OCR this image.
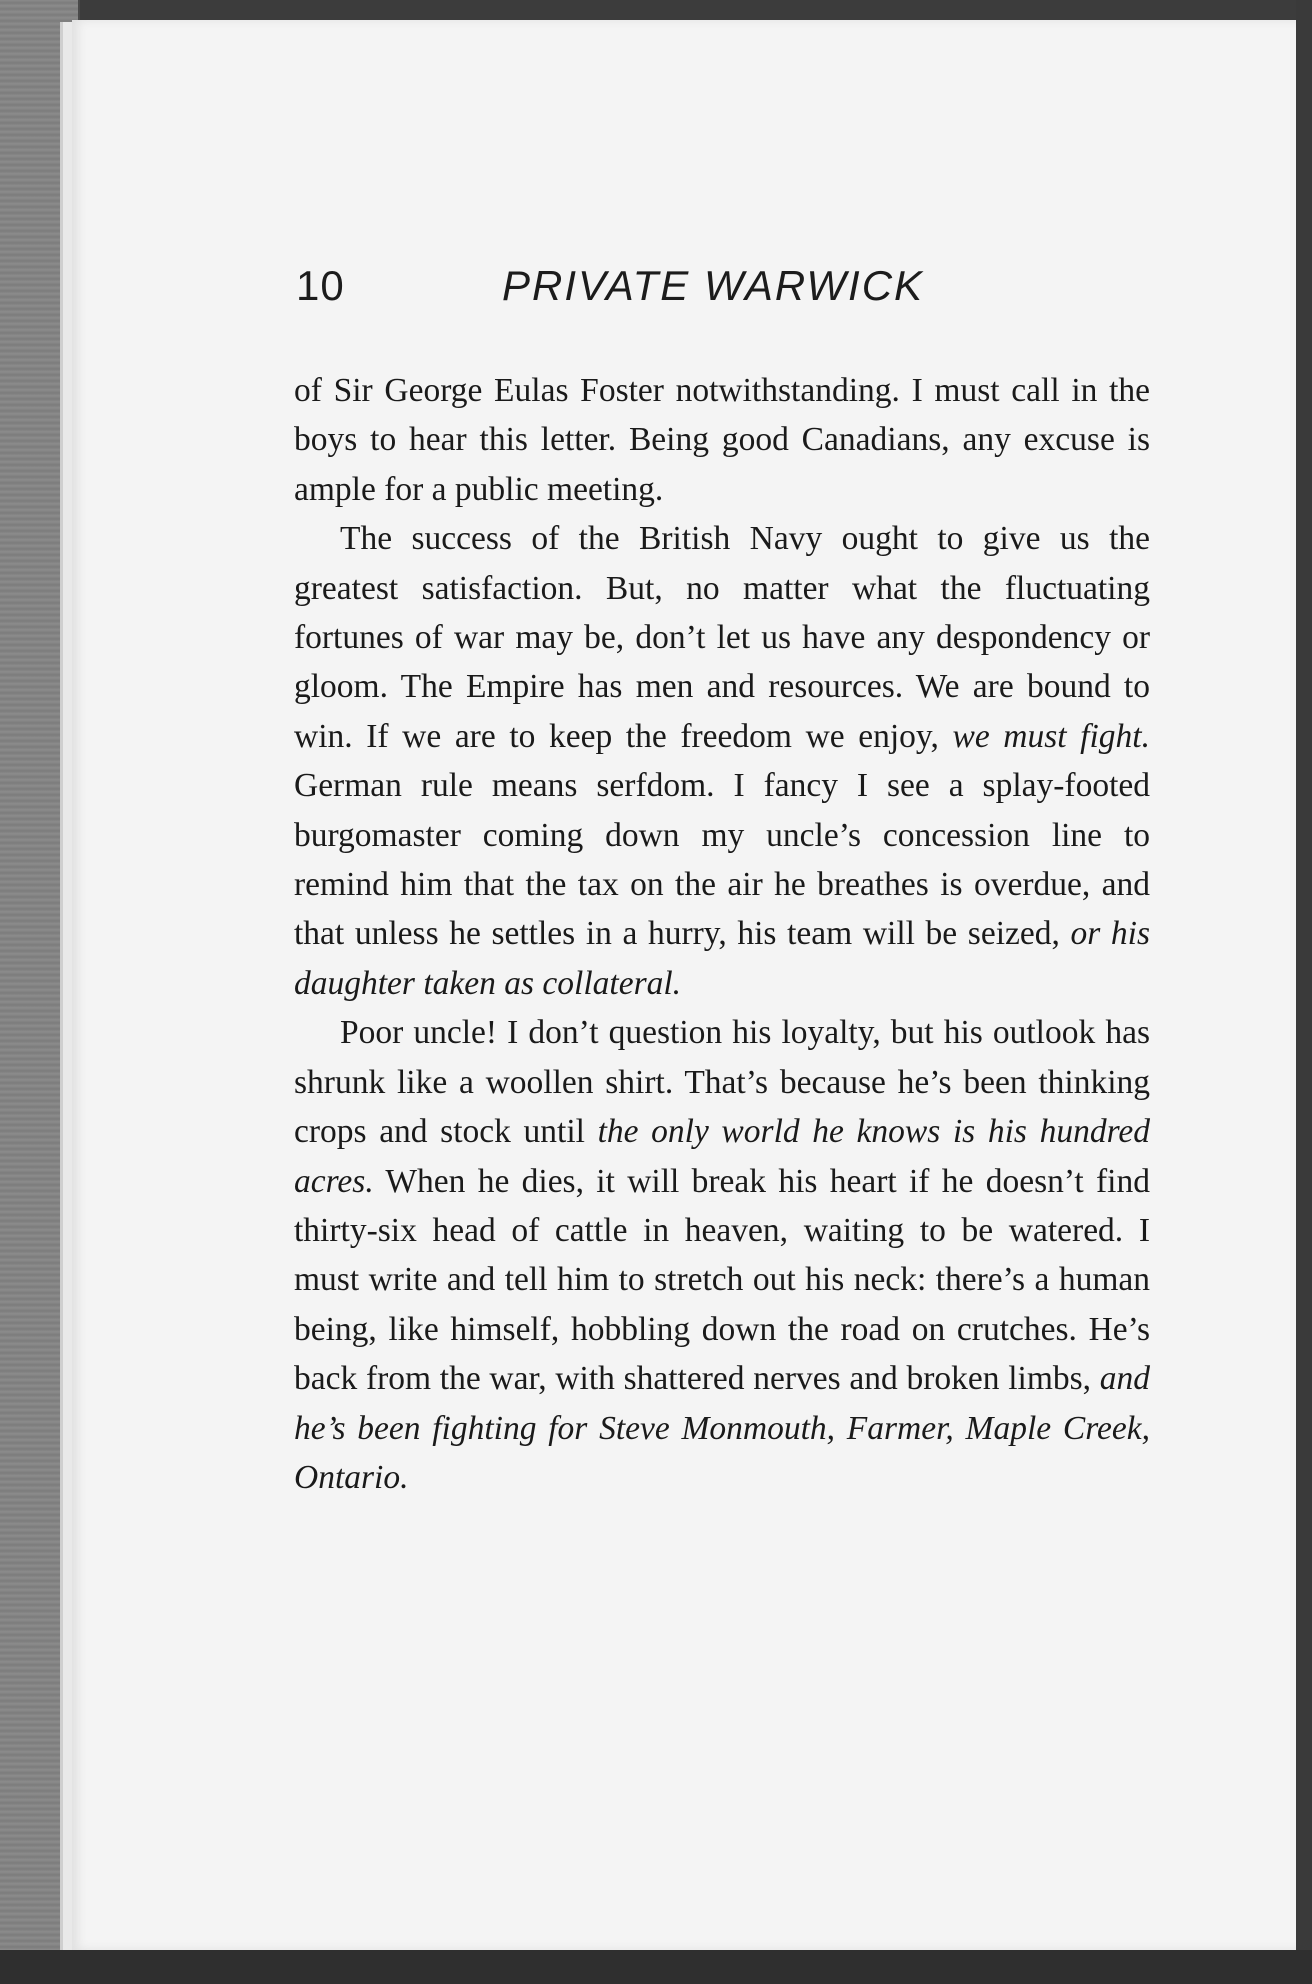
10	PRIVATE WARWICK

of Sir George Eulas Foster notwithstanding. I must call in the boys to hear this letter. Being good Canadians, any excuse is ample for a public meeting.

The success of the British Navy ought to give us the greatest satisfaction. But, no matter what the fluctuating fortunes of war may be, don’t let us have any despondency or gloom. The Empire has men and resources. We are bound to win. If we are to keep the freedom we enjoy, we must fight. German rule means serfdom. I fancy I see a splay-footed burgomaster coming down my uncle’s concession line to remind him that the tax on the air he breathes is overdue, and that unless he settles in a hurry, his team will be seized, or his daughter taken as collateral.

Poor uncle! I don’t question his loyalty, but his outlook has shrunk like a woollen shirt. That’s because he’s been thinking crops and stock until the only world he knows is his hundred acres. When he dies, it will break his heart if he doesn’t find thirty-six head of cattle in heaven, waiting to be watered. I must write and tell him to stretch out his neck: there’s a human being, like himself, hobbling down the road on crutches. He’s back from the war, with shattered nerves and broken limbs, and he’s been fighting for Steve Monmouth, Farmer, Maple Creek, Ontario.
